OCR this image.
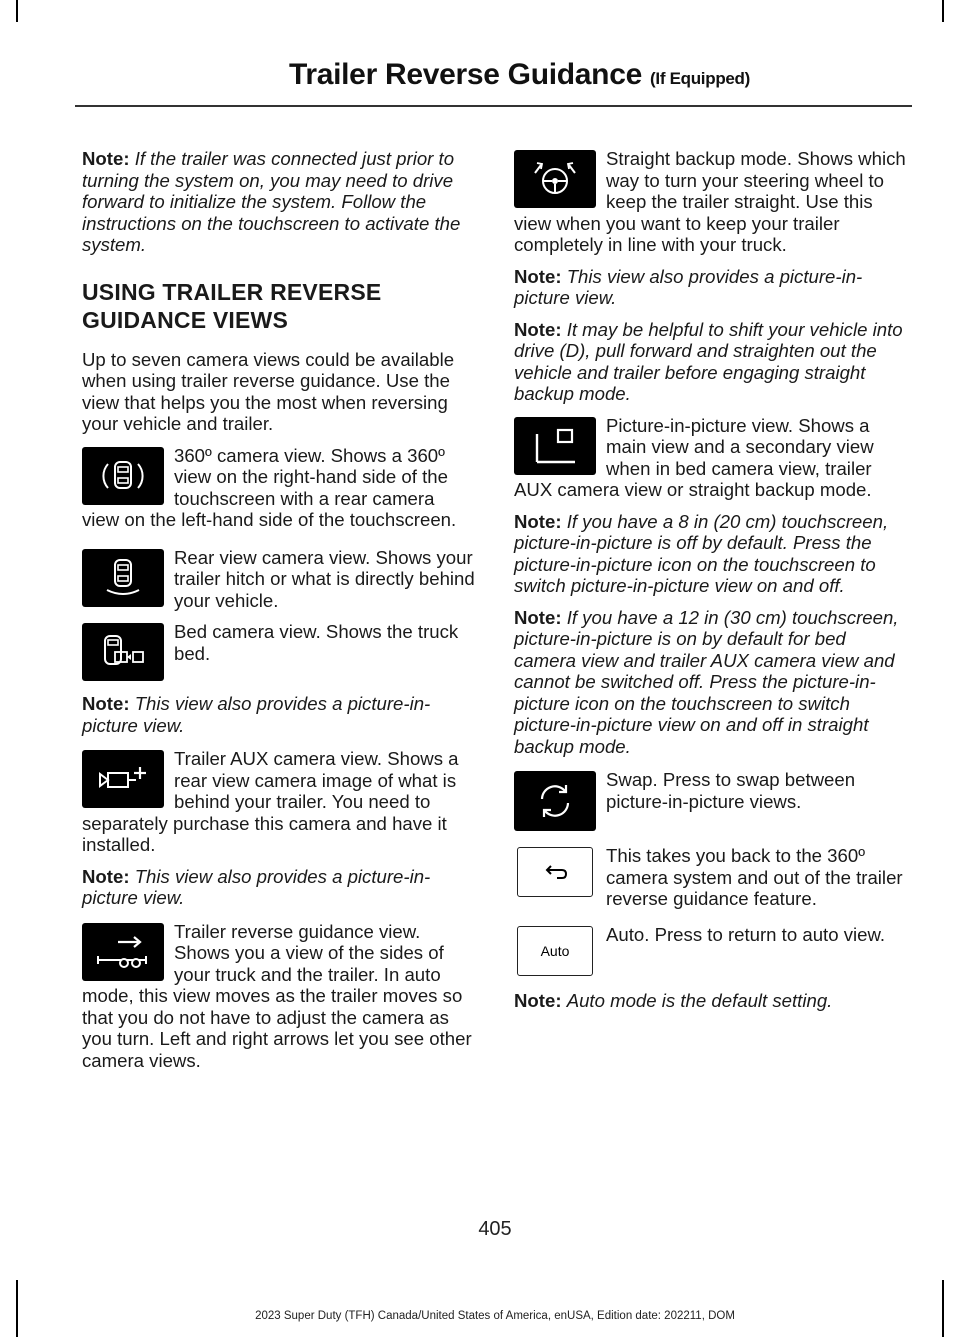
Trailer Reverse Guidance (If Equipped)

Note: If the trailer was connected just prior to turning the system on, you may need to drive forward to initialize the system. Follow the instructions on the touchscreen to activate the system.

USING TRAILER REVERSE GUIDANCE VIEWS

Up to seven camera views could be available when using trailer reverse guidance. Use the view that helps you the most when reversing your vehicle and trailer.

360º camera view. Shows a 360º view on the right-hand side of the touchscreen with a rear camera view on the left-hand side of the touchscreen.

Rear view camera view. Shows your trailer hitch or what is directly behind your vehicle.

Bed camera view. Shows the truck bed.

Note: This view also provides a picture-in-picture view.

Trailer AUX camera view. Shows a rear view camera image of what is behind your trailer. You need to separately purchase this camera and have it installed.

Note: This view also provides a picture-in-picture view.

Trailer reverse guidance view. Shows you a view of the sides of your truck and the trailer. In auto mode, this view moves as the trailer moves so that you do not have to adjust the camera as you turn. Left and right arrows let you see other camera views.

Straight backup mode. Shows which way to turn your steering wheel to keep the trailer straight. Use this view when you want to keep your trailer completely in line with your truck.

Note: This view also provides a picture-in-picture view.

Note: It may be helpful to shift your vehicle into drive (D), pull forward and straighten out the vehicle and trailer before engaging straight backup mode.

Picture-in-picture view. Shows a main view and a secondary view when in bed camera view, trailer AUX camera view or straight backup mode.

Note: If you have a 8 in (20 cm) touchscreen, picture-in-picture is off by default. Press the picture-in-picture icon on the touchscreen to switch picture-in-picture view on and off.

Note: If you have a 12 in (30 cm) touchscreen, picture-in-picture is on by default for bed camera view and trailer AUX camera view and cannot be switched off. Press the picture-in-picture icon on the touchscreen to switch picture-in-picture view on and off in straight backup mode.

Swap. Press to swap between picture-in-picture views.

This takes you back to the 360º camera system and out of the trailer reverse guidance feature.

Auto

Auto. Press to return to auto view.

Note: Auto mode is the default setting.

405
2023 Super Duty (TFH) Canada/United States of America, enUSA, Edition date: 202211, DOM
